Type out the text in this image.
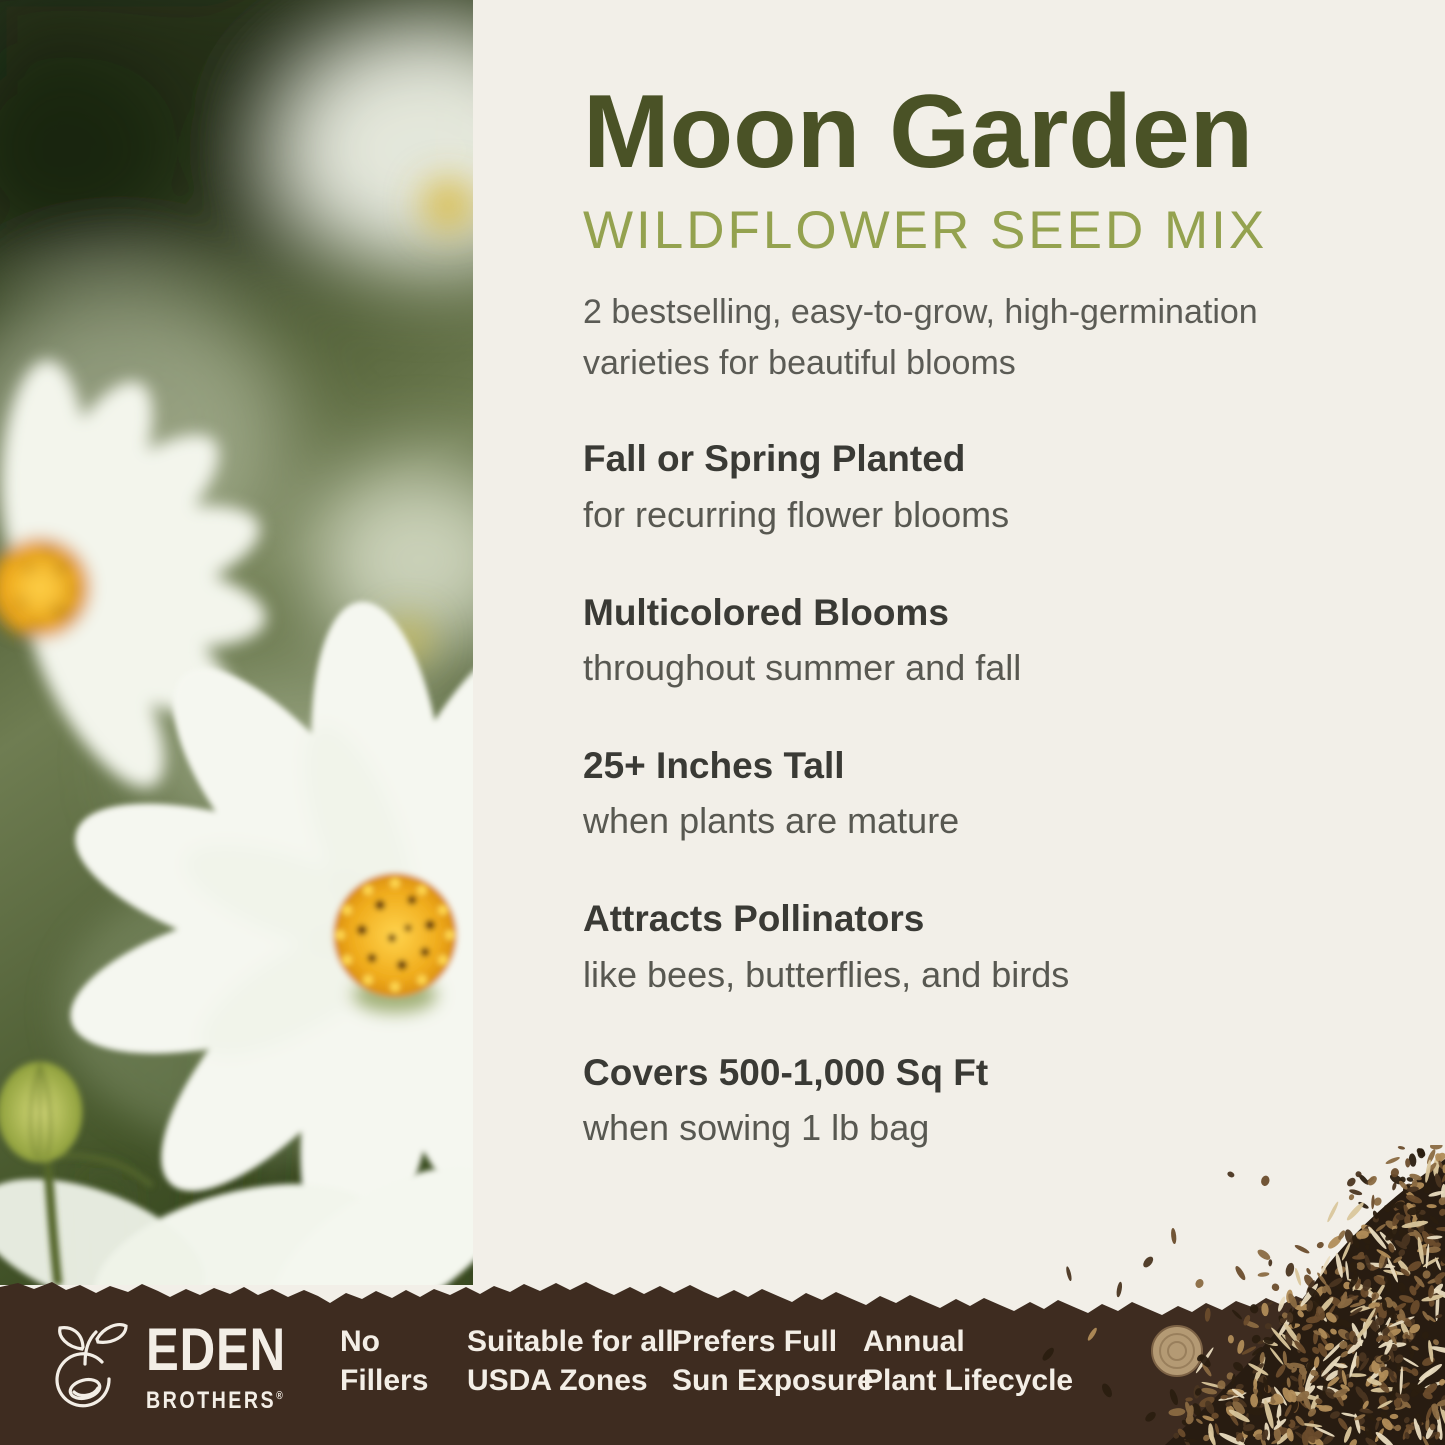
Moon Garden
WILDFLOWER SEED MIX

2 bestselling, easy-to-grow, high-germination varieties for beautiful blooms

Fall or Spring Planted

for recurring flower blooms

Multicolored Blooms

throughout summer and fall

25+ Inches Tall

when plants are mature

Attracts Pollinators

like bees, butterflies, and birds

Covers 500-1,000 Sq Ft

when sowing 1 lb bag

EDEN
BROTHERS®
No
Fillers
Suitable for all
USDA Zones
Prefers Full
Sun Exposure
Annual
Plant Lifecycle
